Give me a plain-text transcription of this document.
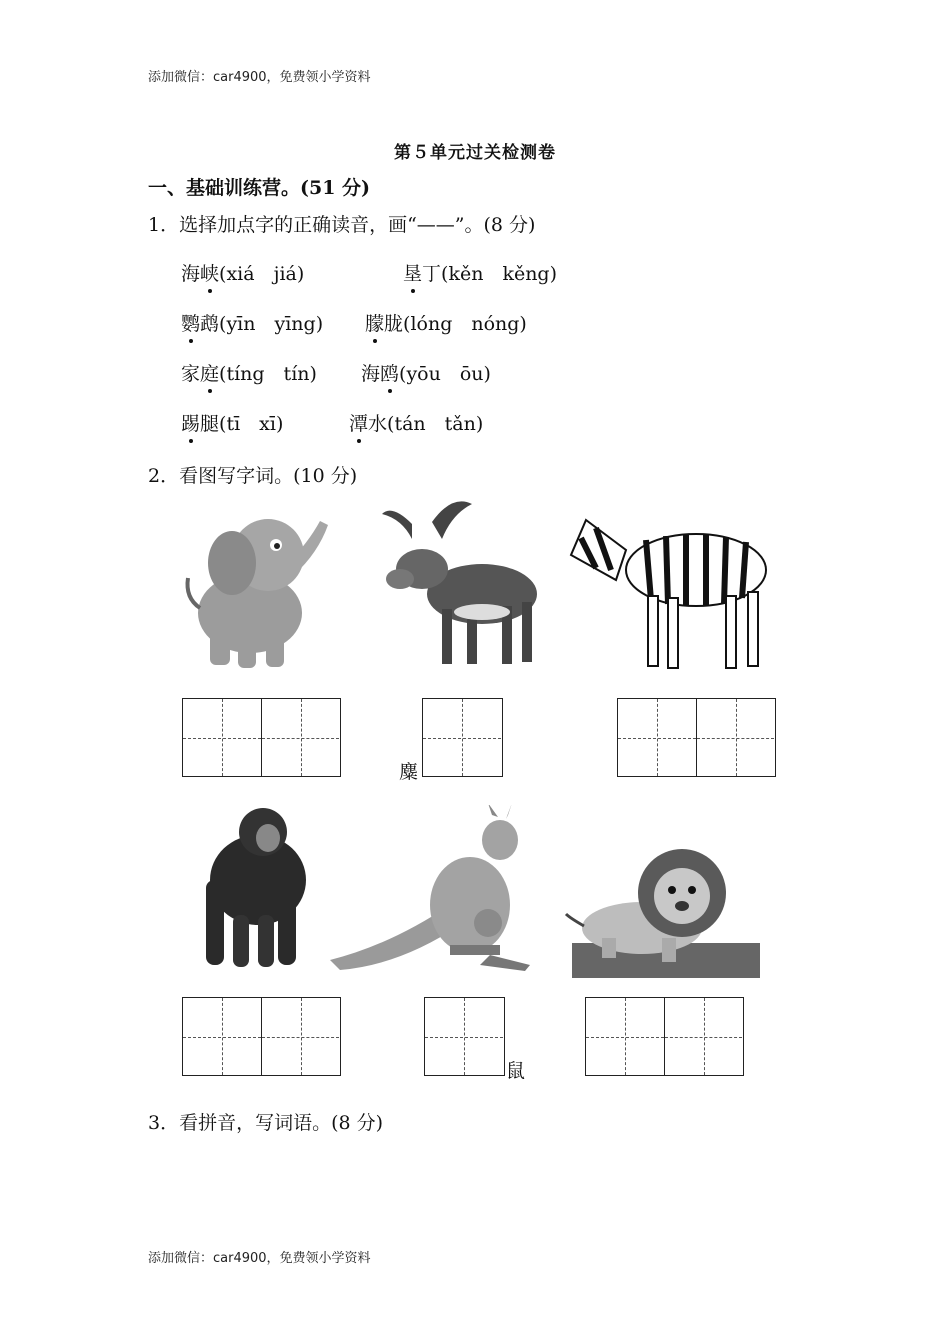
添加微信：car4900，免费领小学资料
第５单元过关检测卷
一、基础训练营。(51 分)
1．选择加点字的正确读音，画“——”。(8 分)
海峡(xiá　jiá)	垦丁(kěn　kěng)
鹦鹉(yīn　yīng) 朦胧(lóng　nóng)
家庭(tíng　tín) 海鸥(yōu　ōu)
踢腿(tī　xī)	潭水(tán　tǎn)
2．看图写字词。(10 分)
麋
鼠
3．看拼音，写词语。(8 分)
添加微信：car4900，免费领小学资料
